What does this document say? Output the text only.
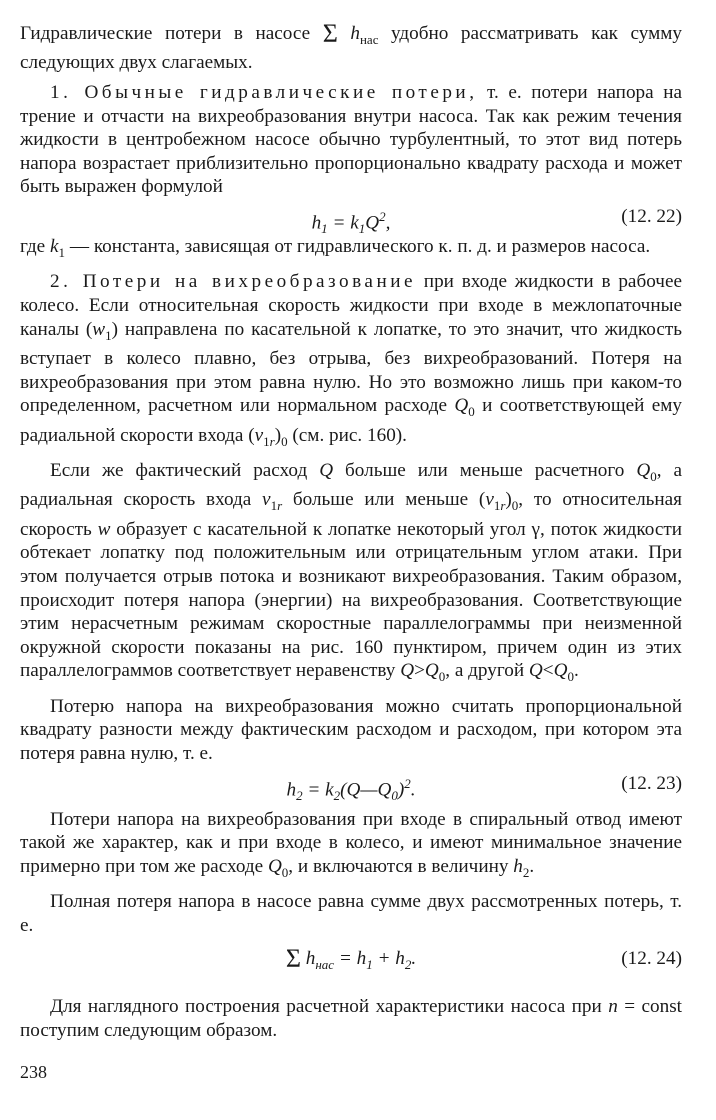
Гидравлические потери в насосе Σ $h_{нас}$ удобно рассматривать как сумму следующих двух слагаемых.

1. Обычные гидравлические потери, т. е. потери напора на трение и отчасти на вихреобразования внутри насоса. Так как режим течения жидкости в центробежном насосе обычно турбулентный, то этот вид потерь напора возрастает приблизительно пропорционально квадрату расхода и может быть выражен формулой

$h_1 = k_1Q^2$,	(12. 22)

где $k_1$ — константа, зависящая от гидравлического к. п. д. и размеров насоса.

2. Потери на вихреобразование при входе жидкости в рабочее колесо. Если относительная скорость жидкости при входе в межлопаточные каналы $(w_1)$ направлена по касательной к лопатке, то это значит, что жидкость вступает в колесо плавно, без отрыва, без вихреобразований. Потеря на вихреобразования при этом равна нулю. Но это возможно лишь при каком-то определенном, расчетном или нормальном расходе $Q_0$ и соответствующей ему радиальной скорости входа $(v_{1r})_0$ (см. рис. 160).

Если же фактический расход Q больше или меньше расчетного $Q_0$, а радиальная скорость входа $v_{1r}$ больше или меньше $(v_{1r})_0$, то относительная скорость w образует с касательной к лопатке некоторый угол γ, поток жидкости обтекает лопатку под положительным или отрицательным углом атаки. При этом получается отрыв потока и возникают вихреобразования. Таким образом, происходит потеря напора (энергии) на вихреобразования. Соответствующие этим нерасчетным режимам скоростные параллелограммы при неизменной окружной скорости показаны на рис. 160 пунктиром, причем один из этих параллелограммов соответствует неравенству $Q>Q_0$, а другой $Q<Q_0$.

Потерю напора на вихреобразования можно считать пропорциональной квадрату разности между фактическим расходом и расходом, при котором эта потеря равна нулю, т. е.

$h_2$ = $k_2(Q—Q_0)^2$.	(12. 23)

Потери напора на вихреобразования при входе в спиральный отвод имеют такой же характер, как и при входе в колесо, и имеют минимальное значение примерно при том же расходе $Q_0$, и включаются в величину $h_2$.

Полная потеря напора в насосе равна сумме двух рассмотренных потерь, т. е.

Σ $h_{нас} = h_1 + h_2$.	(12. 24)

Для наглядного построения расчетной характеристики насоса при n = const поступим следующим образом.

238
